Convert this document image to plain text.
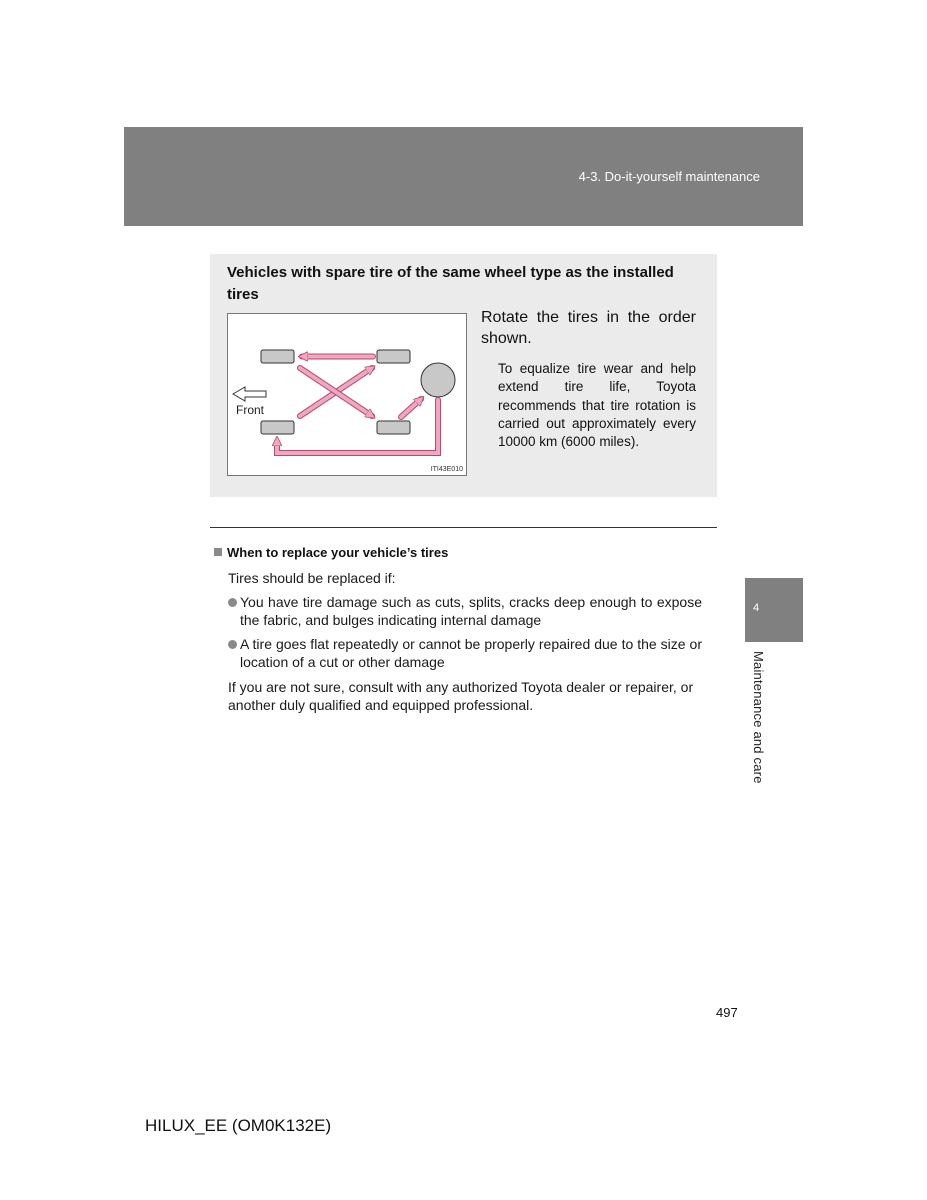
4-3. Do-it-yourself maintenance
Vehicles with spare tire of the same wheel type as the installed tires
Front
ITI43E010
Rotate the tires in the order shown.
To equalize tire wear and help extend tire life, Toyota recommends that tire rotation is carried out approximately every 10000 km (6000 miles).
When to replace your vehicle’s tires
Tires should be replaced if:
You have tire damage such as cuts, splits, cracks deep enough to expose the fabric, and bulges indicating internal damage
A tire goes flat repeatedly or cannot be properly repaired due to the size or location of a cut or other damage
If you are not sure, consult with any authorized Toyota dealer or repairer, or another duly qualified and equipped professional.
4
Maintenance and care
497
HILUX_EE (OM0K132E)
